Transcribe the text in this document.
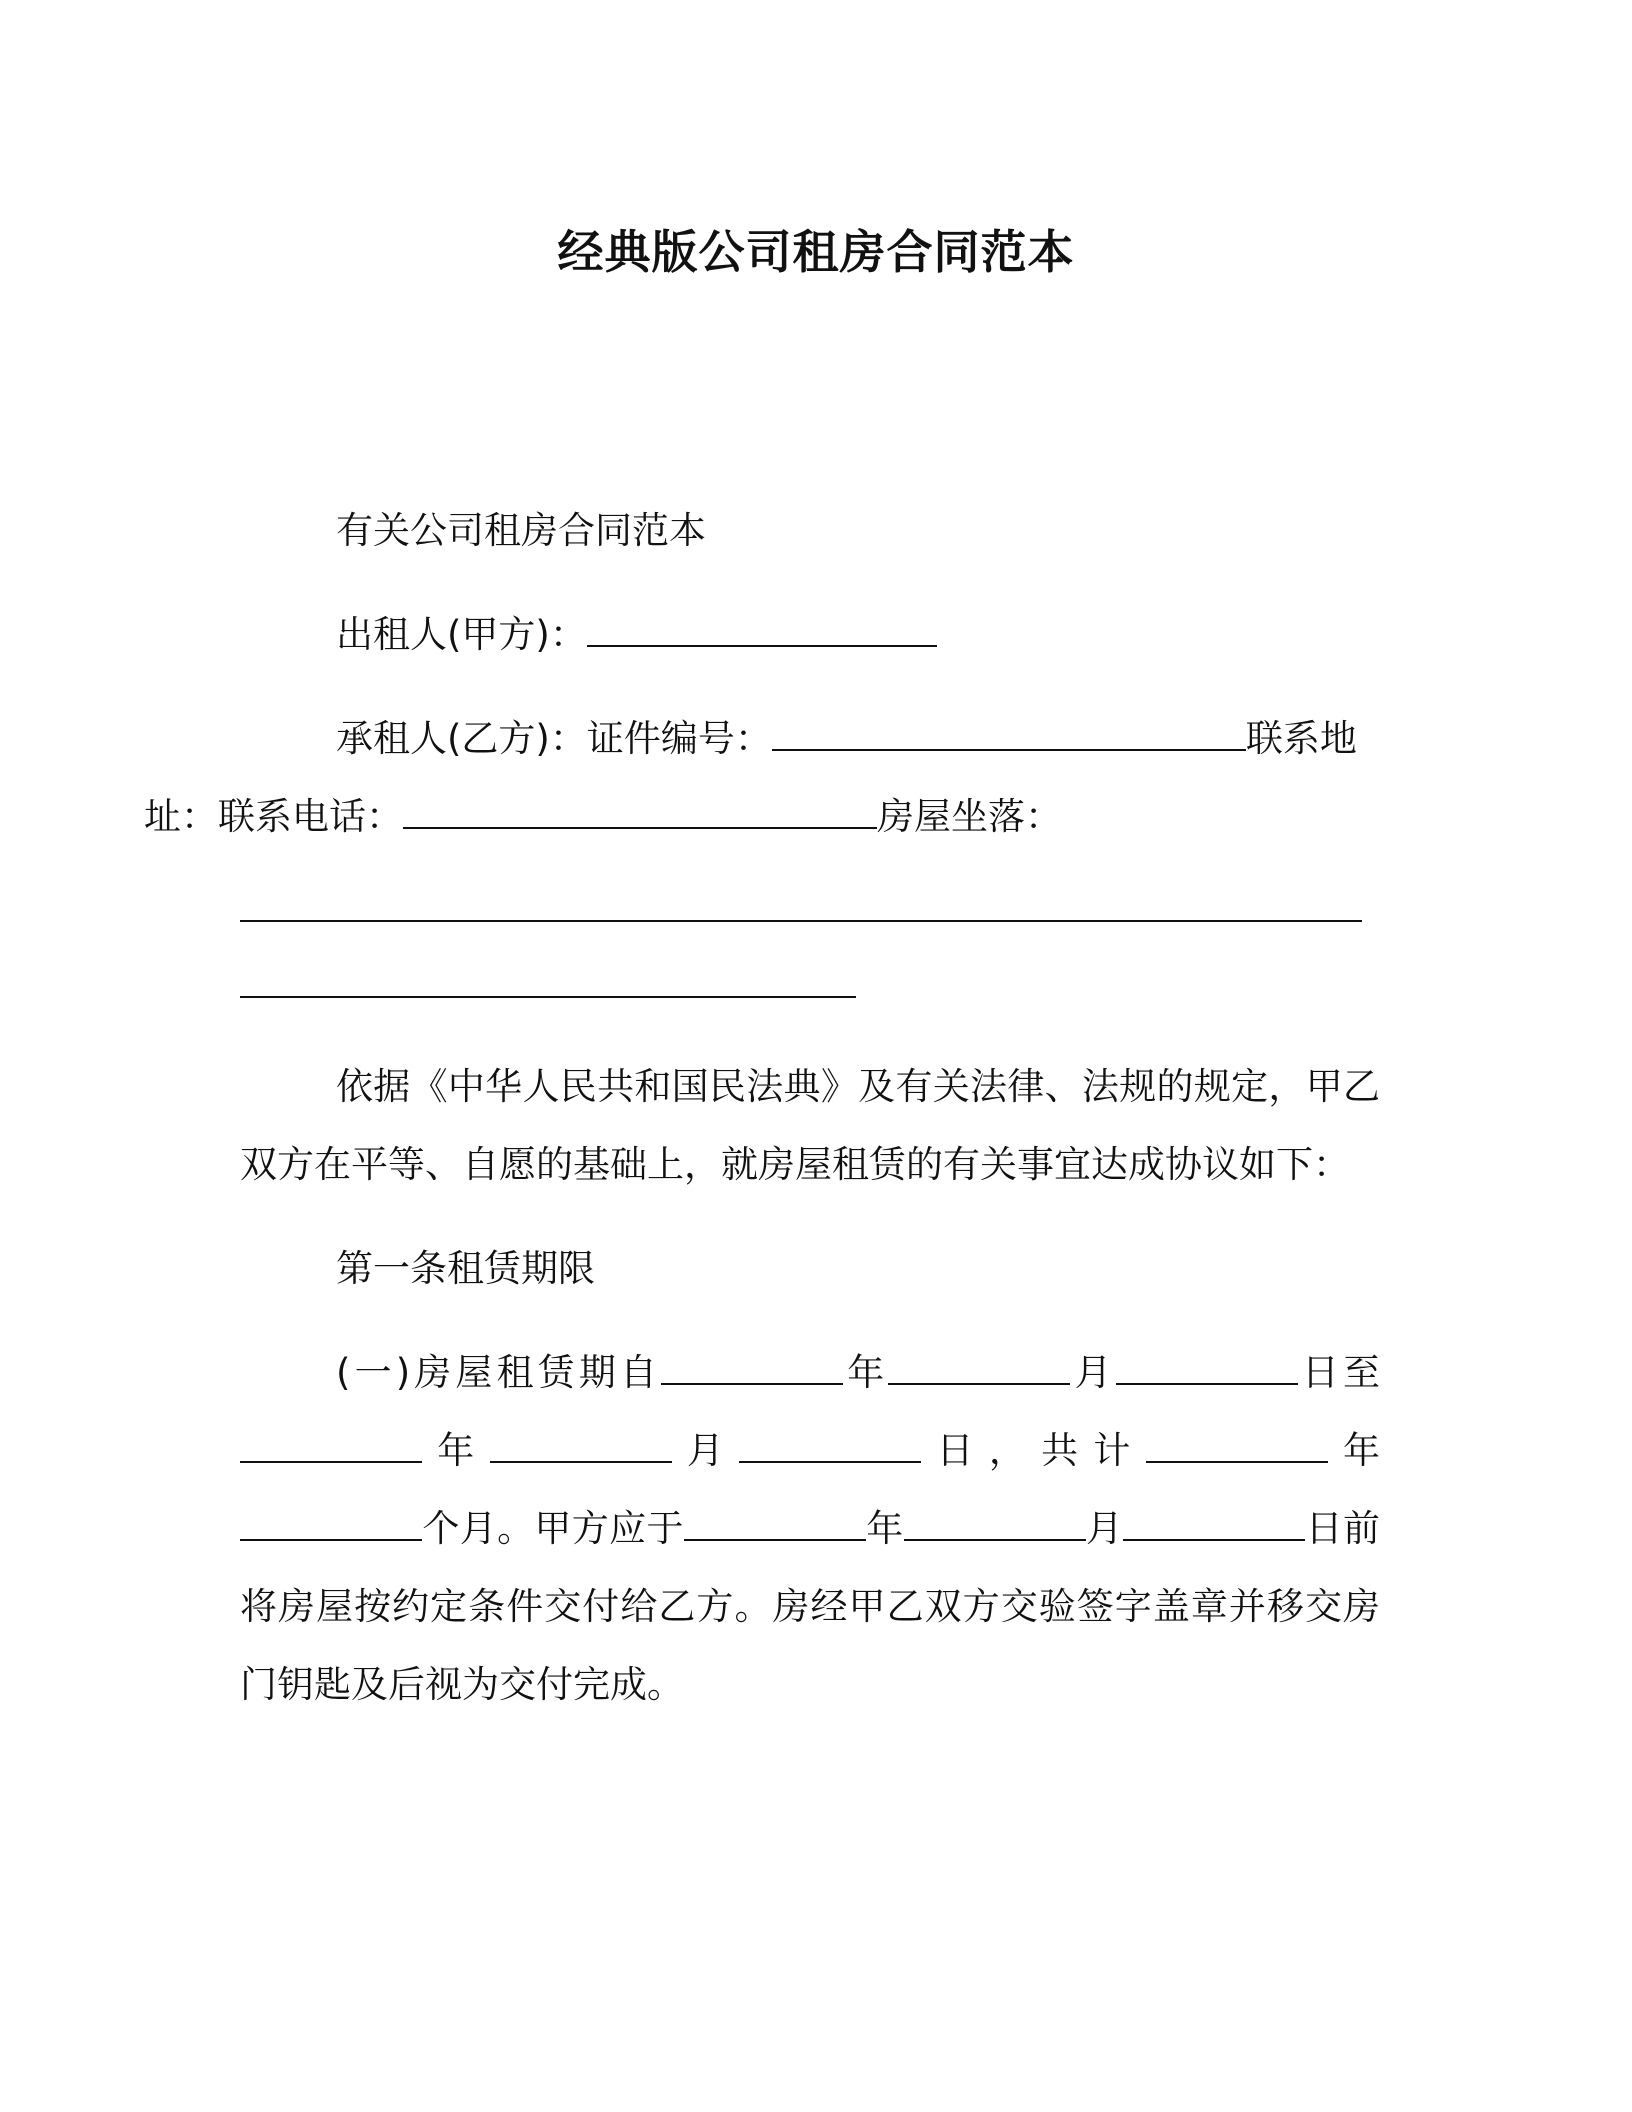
经典版公司租房合同范本

有关公司租房合同范本

出租人(甲方)：

承租人(乙方)：证件编号：	联系地
址：联系电话：	房屋坐落：

依据《中华人民共和国民法典》及有关法律、法规的规定，甲乙双方在平等、自愿的基础上，就房屋租赁的有关事宜达成协议如下：

第一条租赁期限

(一)房屋租赁期自	年	月	日至年	月	日，共计	年个月。甲方应于	年	月	日前将房屋按约定条件交付给乙方。房经甲乙双方交验签字盖章并移交房门钥匙及后视为交付完成。
